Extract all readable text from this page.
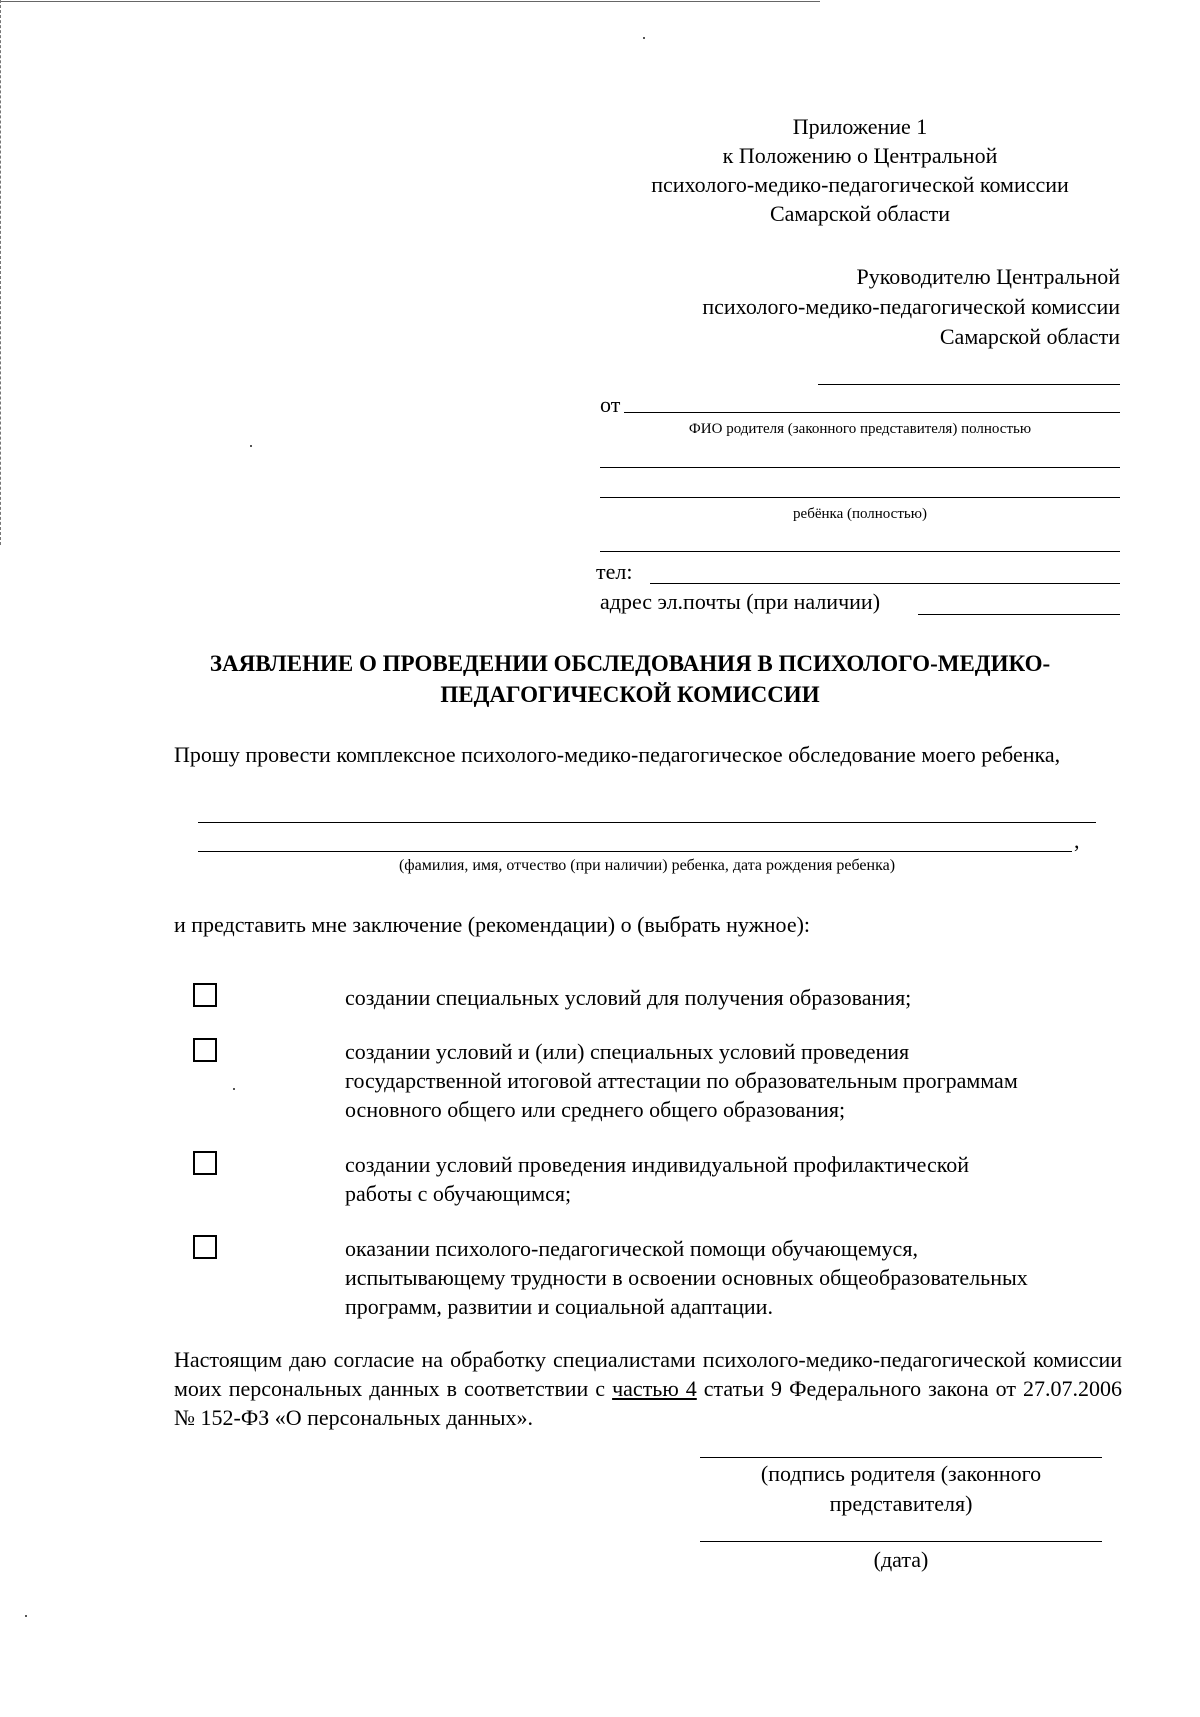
Приложение 1
к Положению о Центральной
психолого-медико-педагогической комиссии
Самарской области
Руководителю Центральной
психолого-медико-педагогической комиссии
Самарской области
от
ФИО родителя (законного представителя) полностью
ребёнка (полностью)
тел:
адрес эл.почты (при наличии)
ЗАЯВЛЕНИЕ О ПРОВЕДЕНИИ ОБСЛЕДОВАНИЯ В ПСИХОЛОГО-МЕДИКО-
ПЕДАГОГИЧЕСКОЙ КОМИССИИ
Прошу провести комплексное психолого-медико-педагогическое обследование моего ребенка,
,
(фамилия, имя, отчество (при наличии) ребенка, дата рождения ребенка)
и представить мне заключение (рекомендации) о (выбрать нужное):
создании специальных условий для получения образования;
создании условий и (или) специальных условий проведения
государственной итоговой аттестации по образовательным программам
основного общего или среднего общего образования;
создании условий проведения индивидуальной профилактической
работы с обучающимся;
оказании психолого-педагогической помощи обучающемуся,
испытывающему трудности в освоении основных общеобразовательных
программ, развитии и социальной адаптации.
Настоящим даю согласие на обработку специалистами психолого-медико-педагогической комиссии моих персональных данных в соответствии с частью 4 статьи 9 Федерального закона от 27.07.2006 № 152-ФЗ «О персональных данных».
(подпись родителя (законного
представителя)
(дата)
